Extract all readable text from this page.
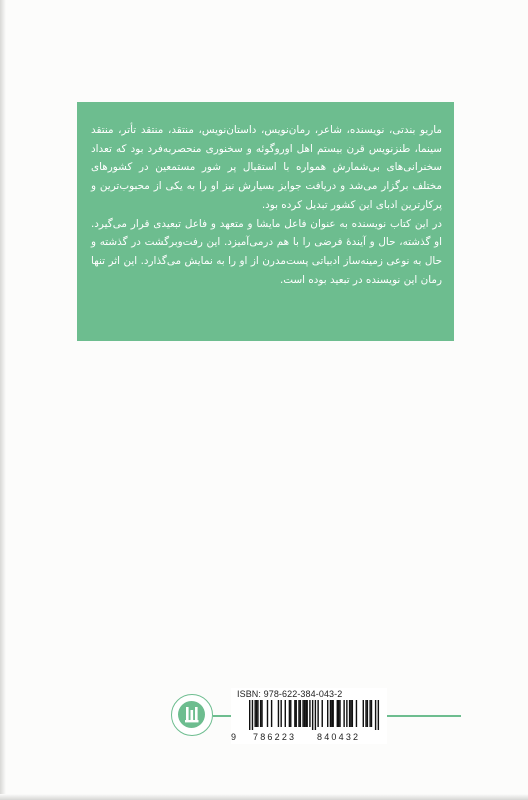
ماریو بندتی، نویسنده، شاعر، رمان‌نویس، داستان‌نویس، منتقد، منتقد تأتر، منتقد سینما، طنزنویس قرن بیستم اهل اوروگوئه و سخنوری منحصربه‌فرد بود که تعداد سخنرانی‌های بی‌شمارش همواره با استقبال پر شور مستمعین در کشورهای مختلف برگزار می‌شد و دریافت جوایز بسیارش نیز او را به یکی از محبوب‌ترین و پرکارترین ادبای این کشور تبدیل کرده بود.

در این کتاب نویسنده به عنوان فاعل مایشا و متعهد و فاعل تبعیدی قرار می‌گیرد. او گذشته، حال و آیندهٔ فرضی را با هم درمی‌آمیزد. این رفت‌وبرگشت در گذشته و حال به نوعی زمینه‌ساز ادبیاتی پست‌مدرن از او را به نمایش می‌گذارد. این اثر تنها رمان این نویسنده در تبعید بوده است.

ISBN: 978-622-384-043-2
9 786223 840432
